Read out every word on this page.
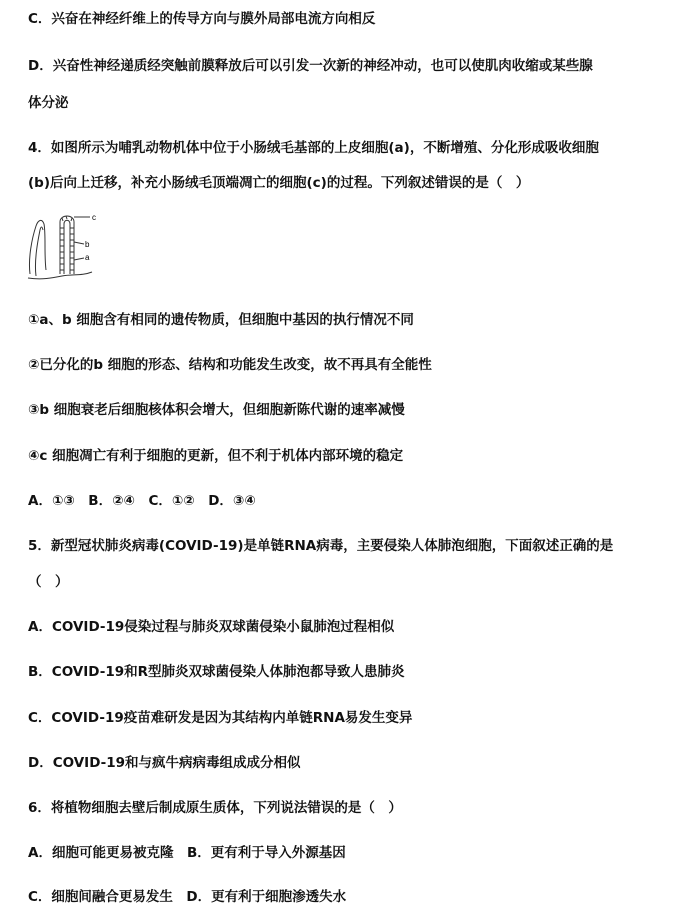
C．兴奋在神经纤维上的传导方向与膜外局部电流方向相反
D．兴奋性神经递质经突触前膜释放后可以引发一次新的神经冲动，也可以使肌肉收缩或某些腺
体分泌
4．如图所示为哺乳动物机体中位于小肠绒毛基部的上皮细胞(a)，不断增殖、分化形成吸收细胞
(b)后向上迁移，补充小肠绒毛顶端凋亡的细胞(c)的过程。下列叙述错误的是（　）
c
b
a
①a、b 细胞含有相同的遗传物质，但细胞中基因的执行情况不同
②已分化的b 细胞的形态、结构和功能发生改变，故不再具有全能性
③b 细胞衰老后细胞核体积会增大，但细胞新陈代谢的速率减慢
④c 细胞凋亡有利于细胞的更新，但不利于机体内部环境的稳定
A．①③　B．②④　C．①②　D．③④
5．新型冠状肺炎病毒(COVID-19)是单链RNA病毒，主要侵染人体肺泡细胞，下面叙述正确的是
（　）
A．COVID-19侵染过程与肺炎双球菌侵染小鼠肺泡过程相似
B．COVID-19和R型肺炎双球菌侵染人体肺泡都导致人患肺炎
C．COVID-19疫苗难研发是因为其结构内单链RNA易发生变异
D．COVID-19和与疯牛病病毒组成成分相似
6．将植物细胞去壁后制成原生质体，下列说法错误的是（　）
A．细胞可能更易被克隆　B．更有利于导入外源基因
C．细胞间融合更易发生　D．更有利于细胞渗透失水
